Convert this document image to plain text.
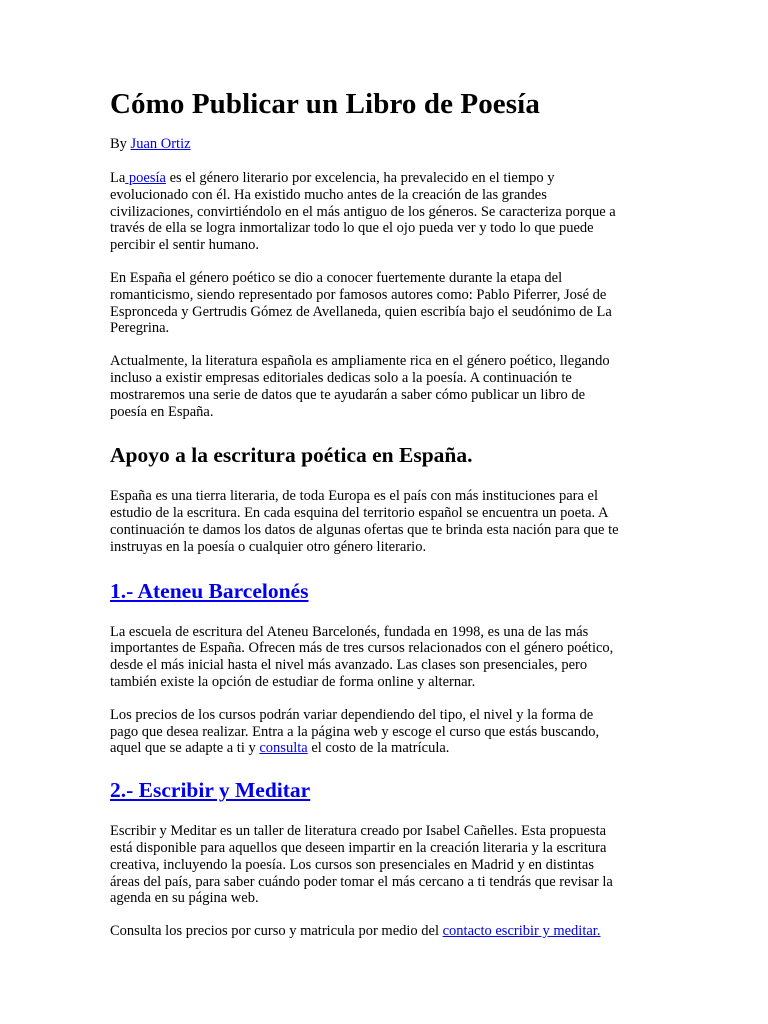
Cómo Publicar un Libro de Poesía
By Juan Ortiz

La poesía es el género literario por excelencia, ha prevalecido en el tiempo y
evolucionado con él. Ha existido mucho antes de la creación de las grandes
civilizaciones, convirtiéndolo en el más antiguo de los géneros. Se caracteriza porque a
través de ella se logra inmortalizar todo lo que el ojo pueda ver y todo lo que puede
percibir el sentir humano.

En España el género poético se dio a conocer fuertemente durante la etapa del
romanticismo, siendo representado por famosos autores como: Pablo Piferrer, José de
Espronceda y Gertrudis Gómez de Avellaneda, quien escribía bajo el seudónimo de La
Peregrina.

Actualmente, la literatura española es ampliamente rica en el género poético, llegando
incluso a existir empresas editoriales dedicas solo a la poesía. A continuación te
mostraremos una serie de datos que te ayudarán a saber cómo publicar un libro de
poesía en España.

Apoyo a la escritura poética en España.

España es una tierra literaria, de toda Europa es el país con más instituciones para el
estudio de la escritura. En cada esquina del territorio español se encuentra un poeta. A
continuación te damos los datos de algunas ofertas que te brinda esta nación para que te
instruyas en la poesía o cualquier otro género literario.

1.- Ateneu Barcelonés

La escuela de escritura del Ateneu Barcelonés, fundada en 1998, es una de las más
importantes de España. Ofrecen más de tres cursos relacionados con el género poético,
desde el más inicial hasta el nivel más avanzado. Las clases son presenciales, pero
también existe la opción de estudiar de forma online y alternar.

Los precios de los cursos podrán variar dependiendo del tipo, el nivel y la forma de
pago que desea realizar. Entra a la página web y escoge el curso que estás buscando,
aquel que se adapte a ti y consulta el costo de la matrícula.

2.- Escribir y Meditar

Escribir y Meditar es un taller de literatura creado por Isabel Cañelles. Esta propuesta
está disponible para aquellos que deseen impartir en la creación literaria y la escritura
creativa, incluyendo la poesía. Los cursos son presenciales en Madrid y en distintas
áreas del país, para saber cuándo poder tomar el más cercano a ti tendrás que revisar la
agenda en su página web.

Consulta los precios por curso y matricula por medio del contacto escribir y meditar.
